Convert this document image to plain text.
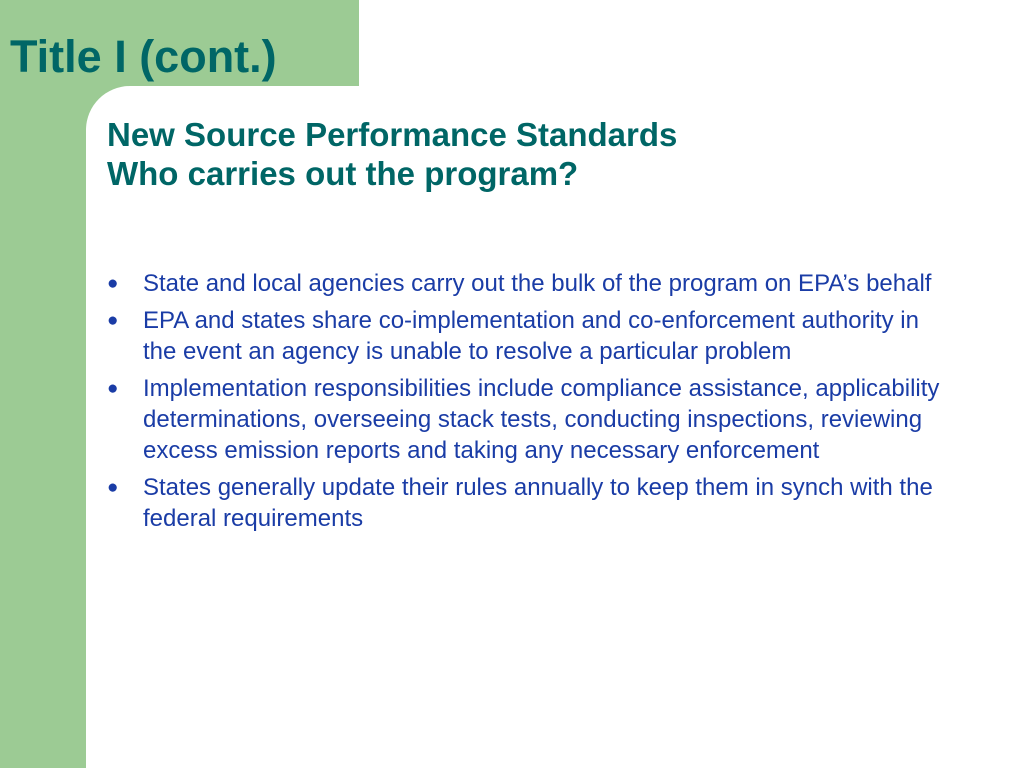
Title I (cont.)
New Source Performance Standards
Who carries out the program?
●	State and local agencies carry out the bulk of the program on EPA’s behalf
●	EPA and states share co-implementation and co-enforcement authority in the event an agency is unable to resolve a particular problem
●	Implementation responsibilities include compliance assistance, applicability determinations, overseeing stack tests, conducting inspections, reviewing excess emission reports and taking any necessary enforcement
●	States generally update their rules annually to keep them in synch with the federal requirements
